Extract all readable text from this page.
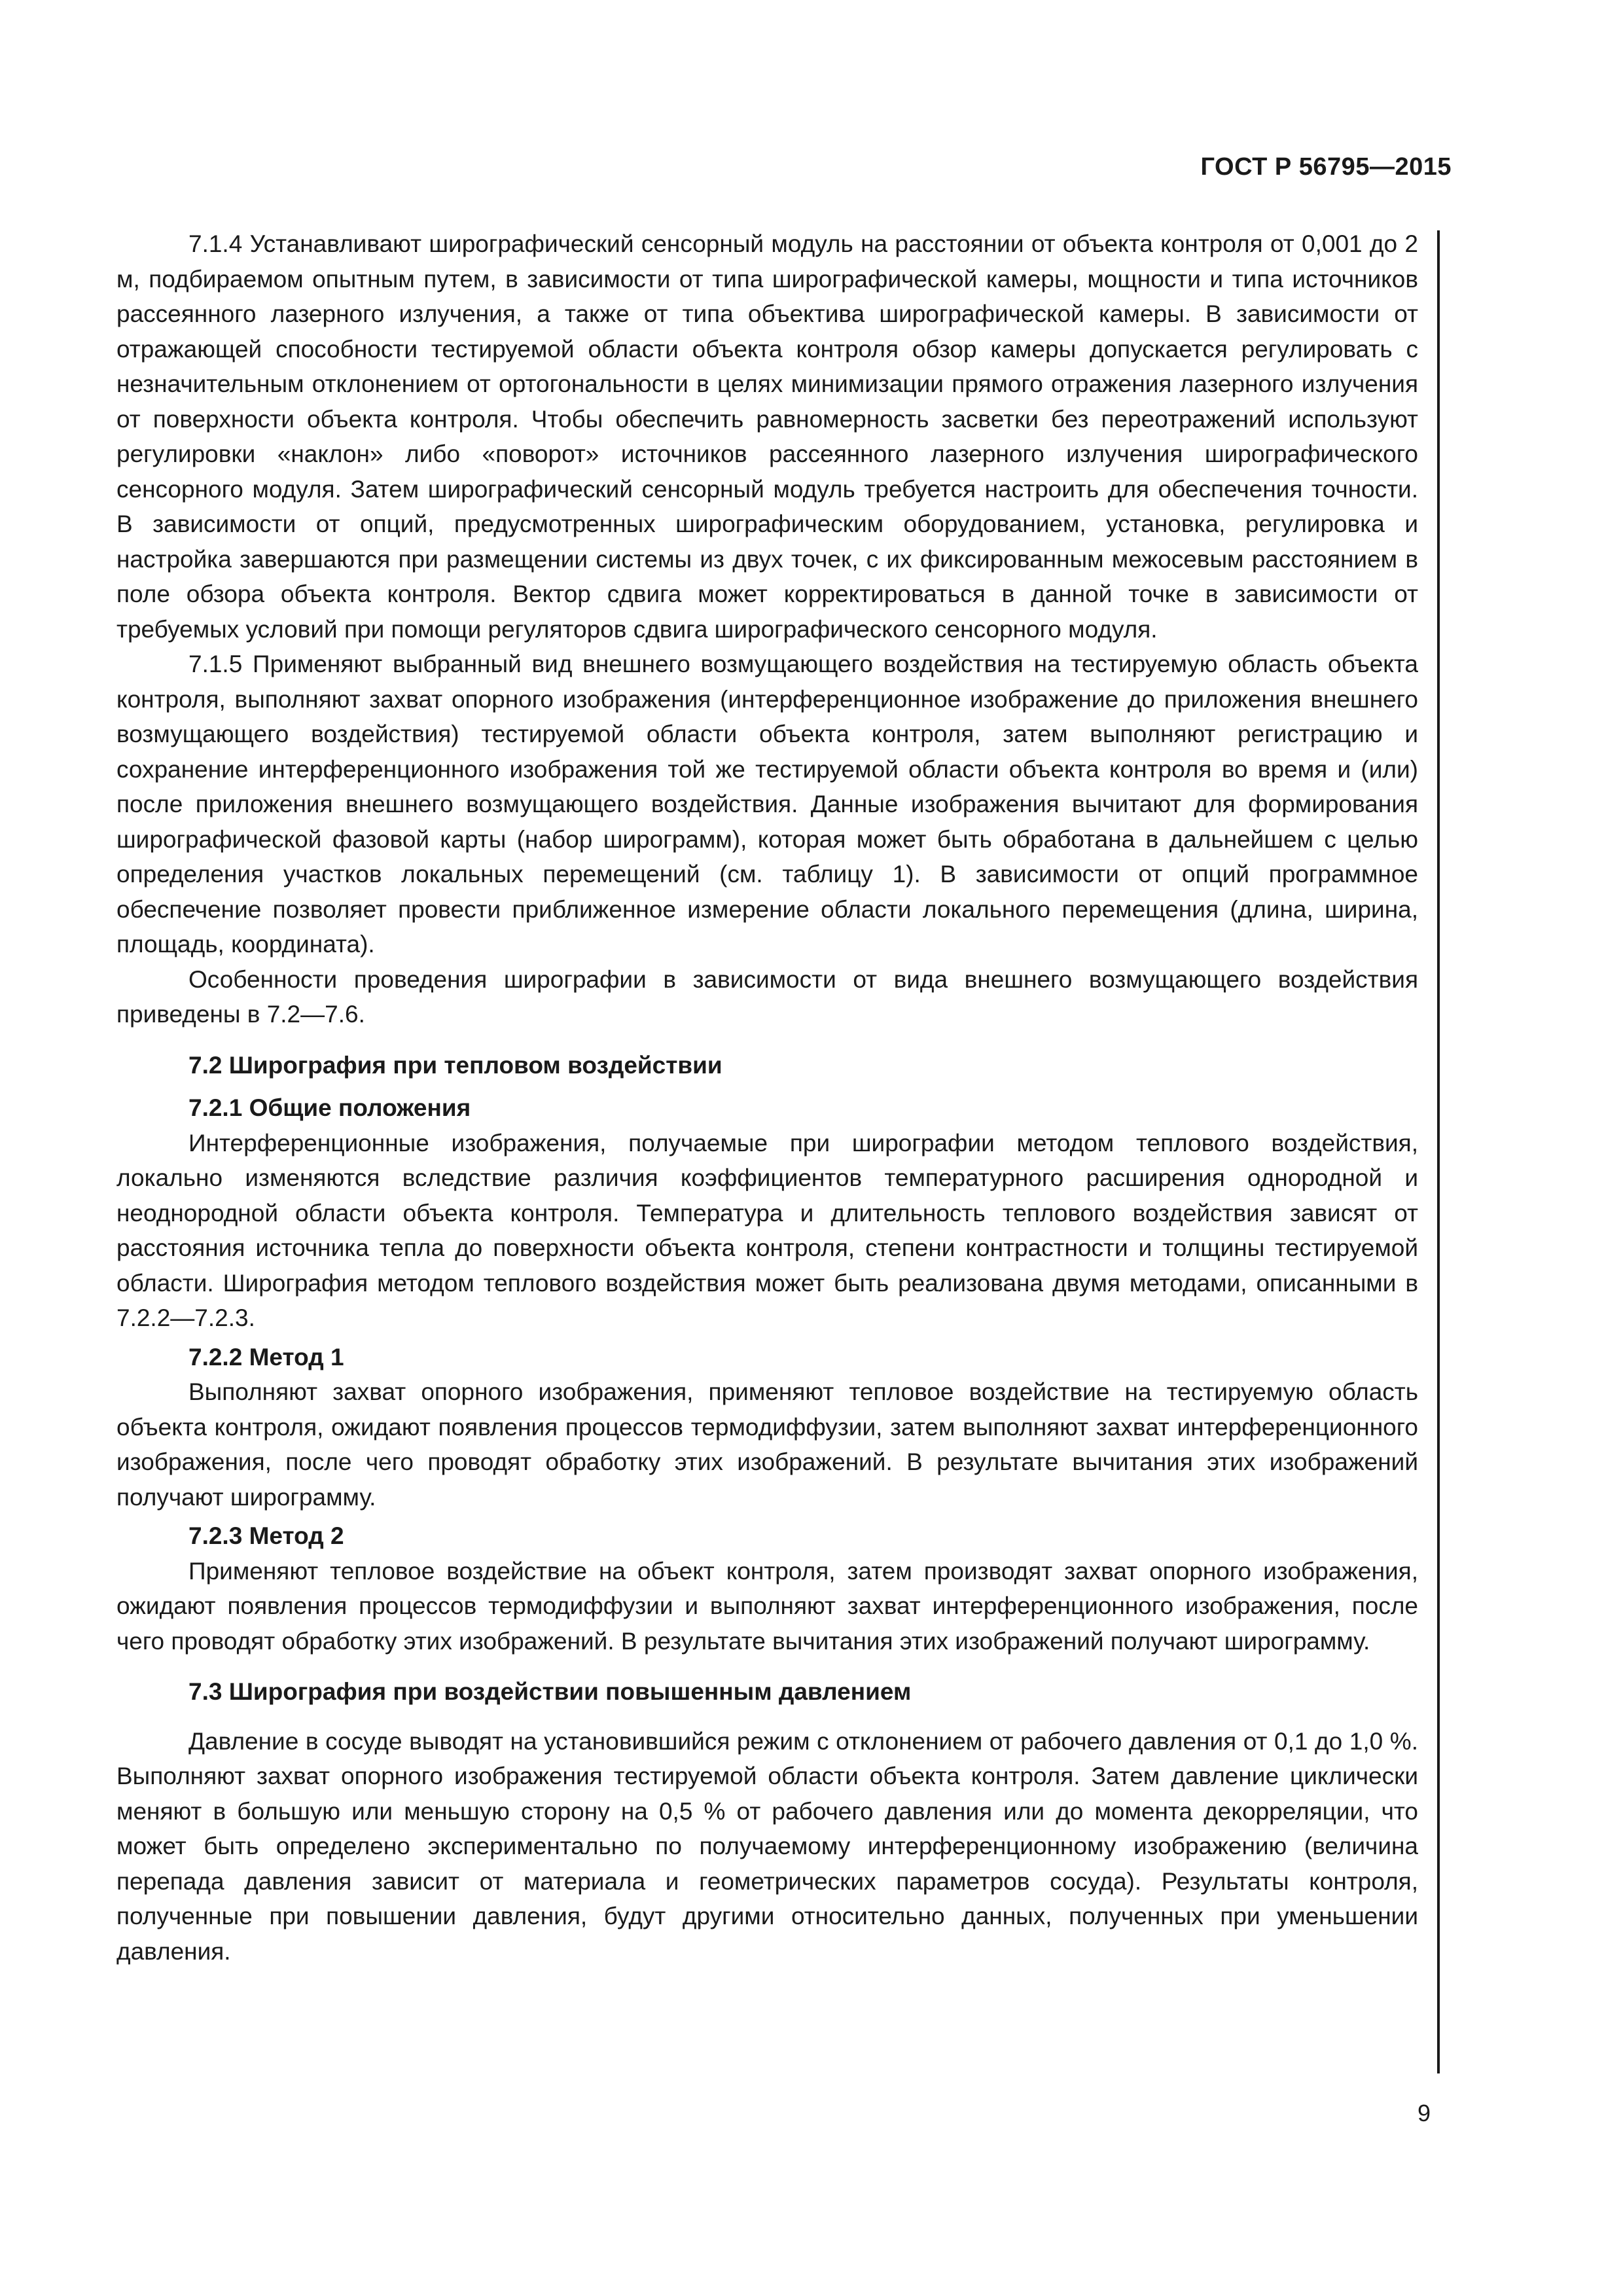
ГОСТ Р 56795—2015

7.1.4 Устанавливают ширографический сенсорный модуль на расстоянии от объекта контроля от 0,001 до 2 м, подбираемом опытным путем, в зависимости от типа ширографической камеры, мощности и типа источников рассеянного лазерного излучения, а также от типа объектива ширографической камеры. В зависимости от отражающей способности тестируемой области объекта контроля обзор камеры допускается регулировать с незначительным отклонением от ортогональности в целях минимизации прямого отражения лазерного излучения от поверхности объекта контроля. Чтобы обеспечить равномерность засветки без переотражений используют регулировки «наклон» либо «поворот» источников рассеянного лазерного излучения ширографического сенсорного модуля. Затем ширографический сенсорный модуль требуется настроить для обеспечения точности. В зависимости от опций, предусмотренных ширографическим оборудованием, установка, регулировка и настройка завершаются при размещении системы из двух точек, с их фиксированным межосевым расстоянием в поле обзора объекта контроля. Вектор сдвига может корректироваться в данной точке в зависимости от требуемых условий при помощи регуляторов сдвига ширографического сенсорного модуля.

7.1.5 Применяют выбранный вид внешнего возмущающего воздействия на тестируемую область объекта контроля, выполняют захват опорного изображения (интерференционное изображение до приложения внешнего возмущающего воздействия) тестируемой области объекта контроля, затем выполняют регистрацию и сохранение интерференционного изображения той же тестируемой области объекта контроля во время и (или) после приложения внешнего возмущающего воздействия. Данные изображения вычитают для формирования ширографической фазовой карты (набор широграмм), которая может быть обработана в дальнейшем с целью определения участков локальных перемещений (см. таблицу 1). В зависимости от опций программное обеспечение позволяет провести приближенное измерение области локального перемещения (длина, ширина, площадь, координата).

Особенности проведения ширографии в зависимости от вида внешнего возмущающего воздействия приведены в 7.2—7.6.

7.2 Ширография при тепловом воздействии

7.2.1 Общие положения

Интерференционные изображения, получаемые при ширографии методом теплового воздействия, локально изменяются вследствие различия коэффициентов температурного расширения однородной и неоднородной области объекта контроля. Температура и длительность теплового воздействия зависят от расстояния источника тепла до поверхности объекта контроля, степени контрастности и толщины тестируемой области. Ширография методом теплового воздействия может быть реализована двумя методами, описанными в 7.2.2—7.2.3.

7.2.2 Метод 1

Выполняют захват опорного изображения, применяют тепловое воздействие на тестируемую область объекта контроля, ожидают появления процессов термодиффузии, затем выполняют захват интерференционного изображения, после чего проводят обработку этих изображений. В результате вычитания этих изображений получают широграмму.

7.2.3 Метод 2

Применяют тепловое воздействие на объект контроля, затем производят захват опорного изображения, ожидают появления процессов термодиффузии и выполняют захват интерференционного изображения, после чего проводят обработку этих изображений. В результате вычитания этих изображений получают широграмму.

7.3 Ширография при воздействии повышенным давлением

Давление в сосуде выводят на установившийся режим с отклонением от рабочего давления от 0,1 до 1,0 %. Выполняют захват опорного изображения тестируемой области объекта контроля. Затем давление циклически меняют в большую или меньшую сторону на 0,5 % от рабочего давления или до момента декорреляции, что может быть определено экспериментально по получаемому интерференционному изображению (величина перепада давления зависит от материала и геометрических параметров сосуда). Результаты контроля, полученные при повышении давления, будут другими относительно данных, полученных при уменьшении давления.

9
